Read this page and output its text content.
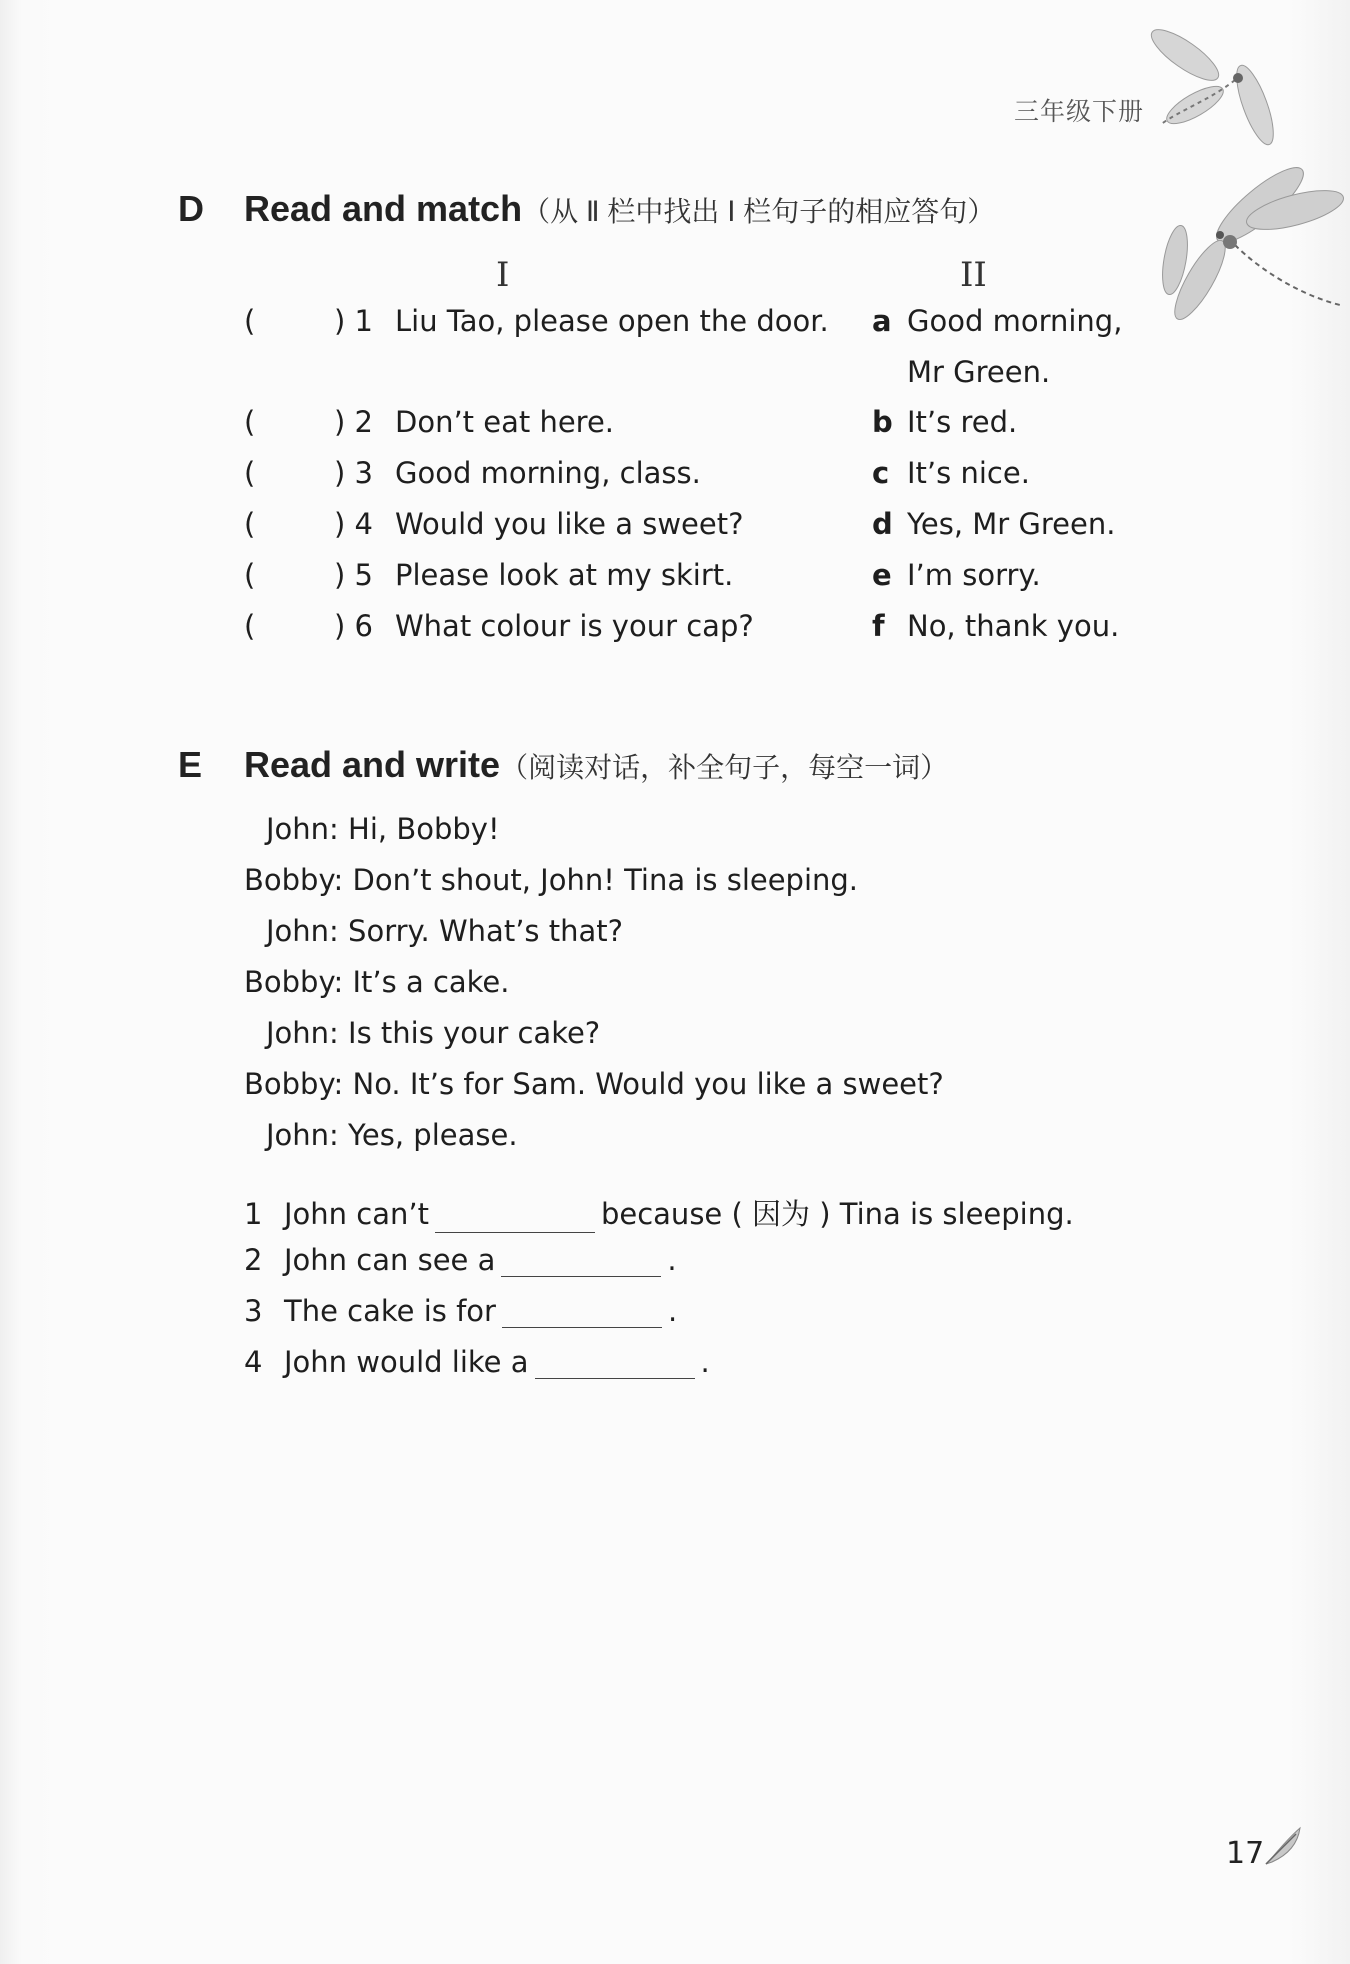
三年级下册
D Read and match（从 Ⅱ 栏中找出 Ⅰ 栏句子的相应答句）
I	II
(	) 1 Liu Tao, please open the door. a Good morning,
Mr Green.
(	) 2 Don’t eat here.	b It’s red.
(	) 3 Good morning, class.	c It’s nice.
(	) 4 Would you like a sweet?	d Yes, Mr Green.
(	) 5 Please look at my skirt.	e I’m sorry.
(	) 6 What colour is your cap?	f No, thank you.
E Read and write（阅读对话，补全句子，每空一词）
John: Hi, Bobby!
Bobby: Don’t shout, John! Tina is sleeping.
John: Sorry. What’s that?
Bobby: It’s a cake.
John: Is this your cake?
Bobby: No. It’s for Sam. Would you like a sweet?
John: Yes, please.
1 John can’t	because ( 因为 ) Tina is sleeping.
2 John can see a	.
3 The cake is for	.
4 John would like a	.
17
